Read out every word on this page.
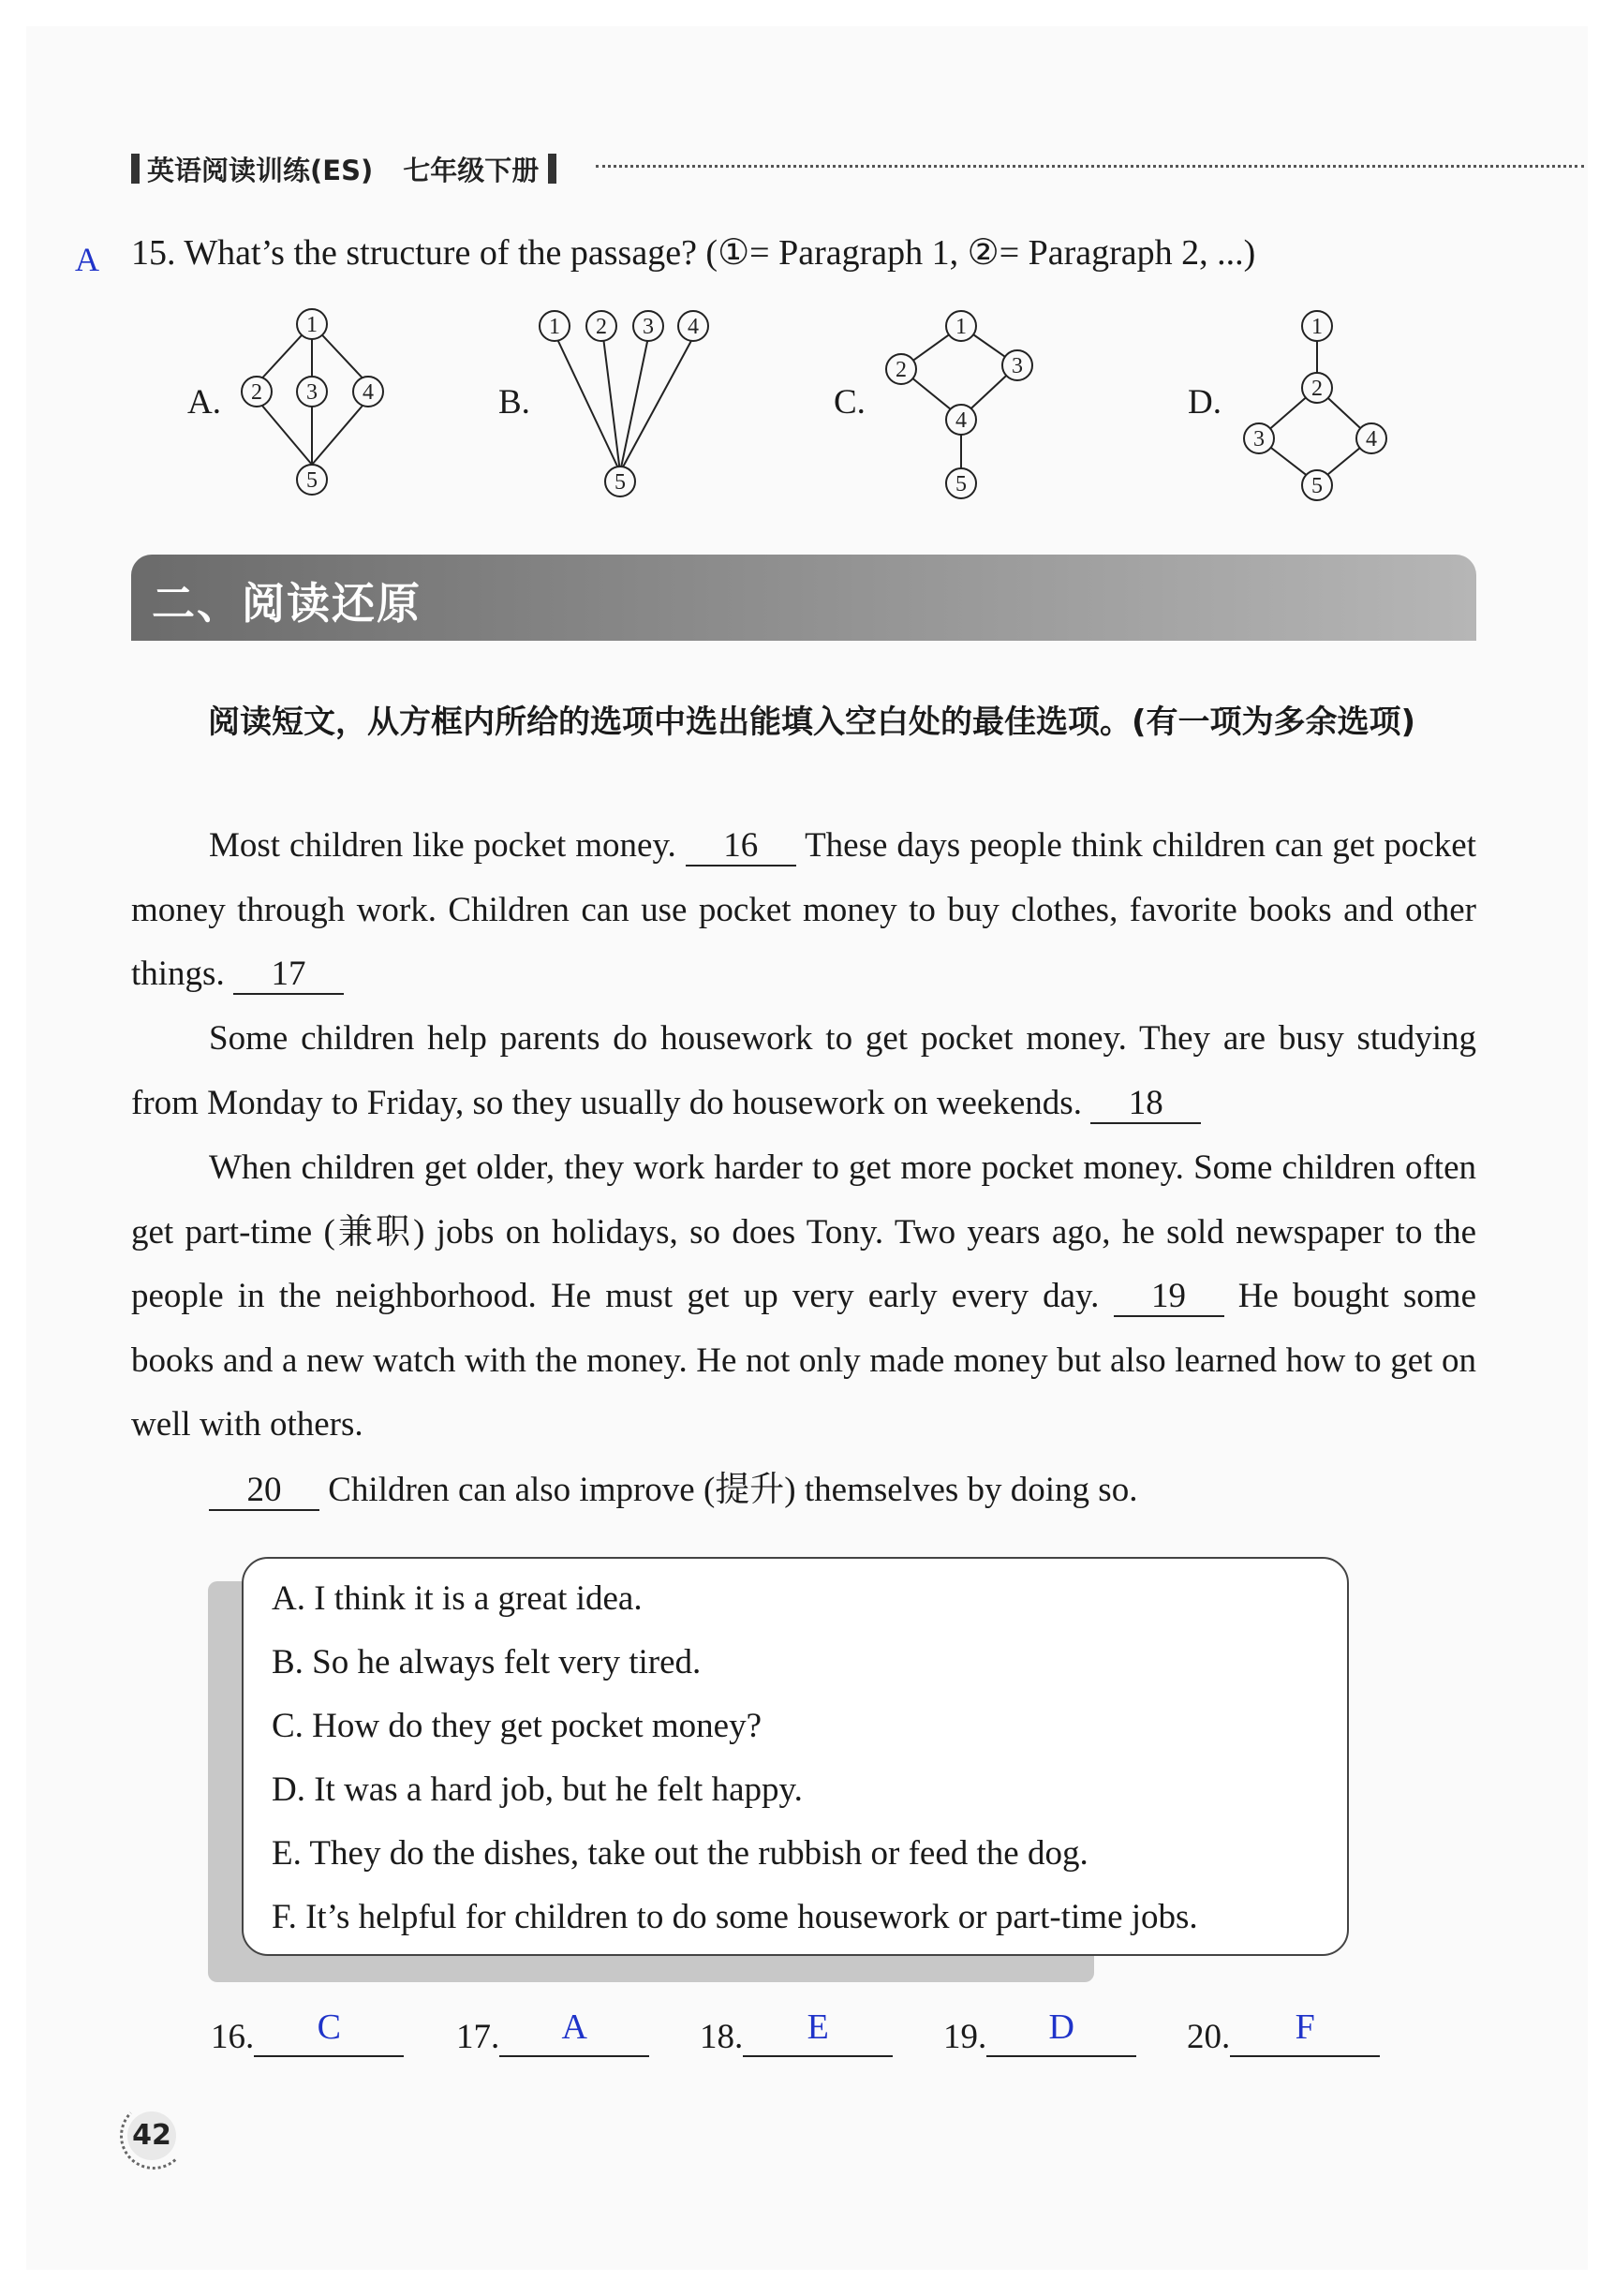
英语阅读训练(ES) 七年级下册
A 15. What’s the structure of the passage? (①= Paragraph 1, ②= Paragraph 2, ...)
A.
1
2 3 4
5
B.
1 2 3 4
5
C.
1
2	3
4
5
D.
1
2
3	4
5
二、阅读还原
阅读短文，从方框内所给的选项中选出能填入空白处的最佳选项。(有一项为多余选项)
Most children like pocket money. 16 These days people think children can get pocket money through work. Children can use pocket money to buy clothes, favorite books and other things. 17
Some children help parents do housework to get pocket money. They are busy studying from Monday to Friday, so they usually do housework on weekends. 18
When children get older, they work harder to get more pocket money. Some children often get part-time (兼职) jobs on holidays, so does Tony. Two years ago, he sold newspaper to the people in the neighborhood. He must get up very early every day. 19 He bought some books and a new watch with the money. He not only made money but also learned how to get on well with others.
20 Children can also improve (提升) themselves by doing so.
A. I think it is a great idea.
B. So he always felt very tired.
C. How do they get pocket money?
D. It was a hard job, but he felt happy.
E. They do the dishes, take out the rubbish or feed the dog.
F. It’s helpful for children to do some housework or part-time jobs.
16.	C	17.	A	18.	E	19.	D	20.	F
42
